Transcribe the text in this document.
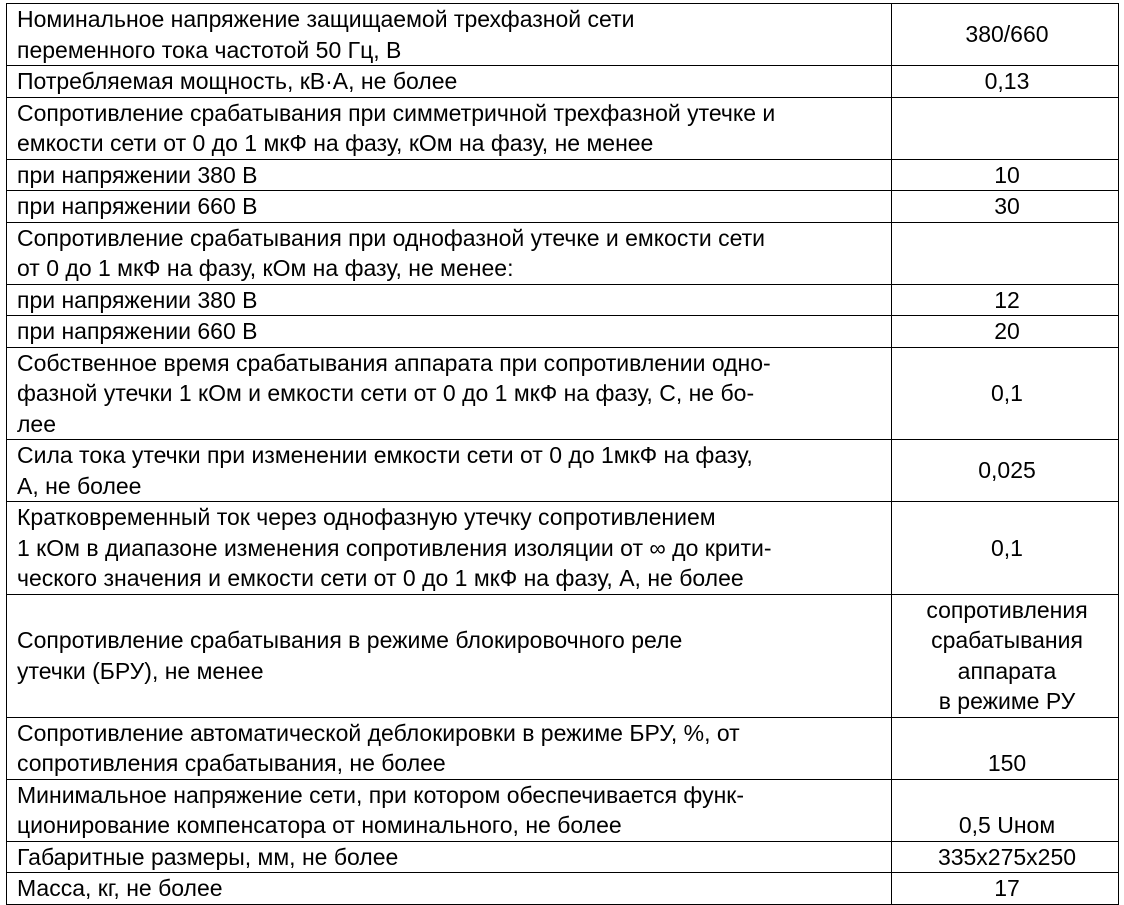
Номинальное напряжение защищаемой трехфазной сети
переменного тока частотой 50 Гц, В	380/660
Потребляемая мощность, кВ·А, не более	0,13
Сопротивление срабатывания при симметричной трехфазной утечке и
емкости сети от 0 до 1 мкФ на фазу, кОм на фазу, не менее	
при напряжении 380 В	10
при напряжении 660 В	30
Сопротивление срабатывания при однофазной утечке и емкости сети
от 0 до 1 мкФ на фазу, кОм на фазу, не менее:	
при напряжении 380 В	12
при напряжении 660 В	20
Собственное время срабатывания аппарата при сопротивлении одно-
фазной утечки 1 кОм и емкости сети от 0 до 1 мкФ на фазу, С, не бо-
лее	0,1
Сила тока утечки при изменении емкости сети от 0 до 1мкФ на фазу,
А, не более	0,025
Кратковременный ток через однофазную утечку сопротивлением
1 кОм в диапазоне изменения сопротивления изоляции от ∞ до крити-
ческого значения и емкости сети от 0 до 1 мкФ на фазу, А, не более	0,1
Сопротивление срабатывания в режиме блокировочного реле
утечки (БРУ), не менее	сопротивления
срабатывания
аппарата
в режиме РУ
Сопротивление автоматической деблокировки в режиме БРУ, %, от
сопротивления срабатывания, не более	150
Минимальное напряжение сети, при котором обеспечивается функ-
ционирование компенсатора от номинального, не более	0,5 Uном
Габаритные размеры, мм, не более	335x275x250
Масса, кг, не более	17
